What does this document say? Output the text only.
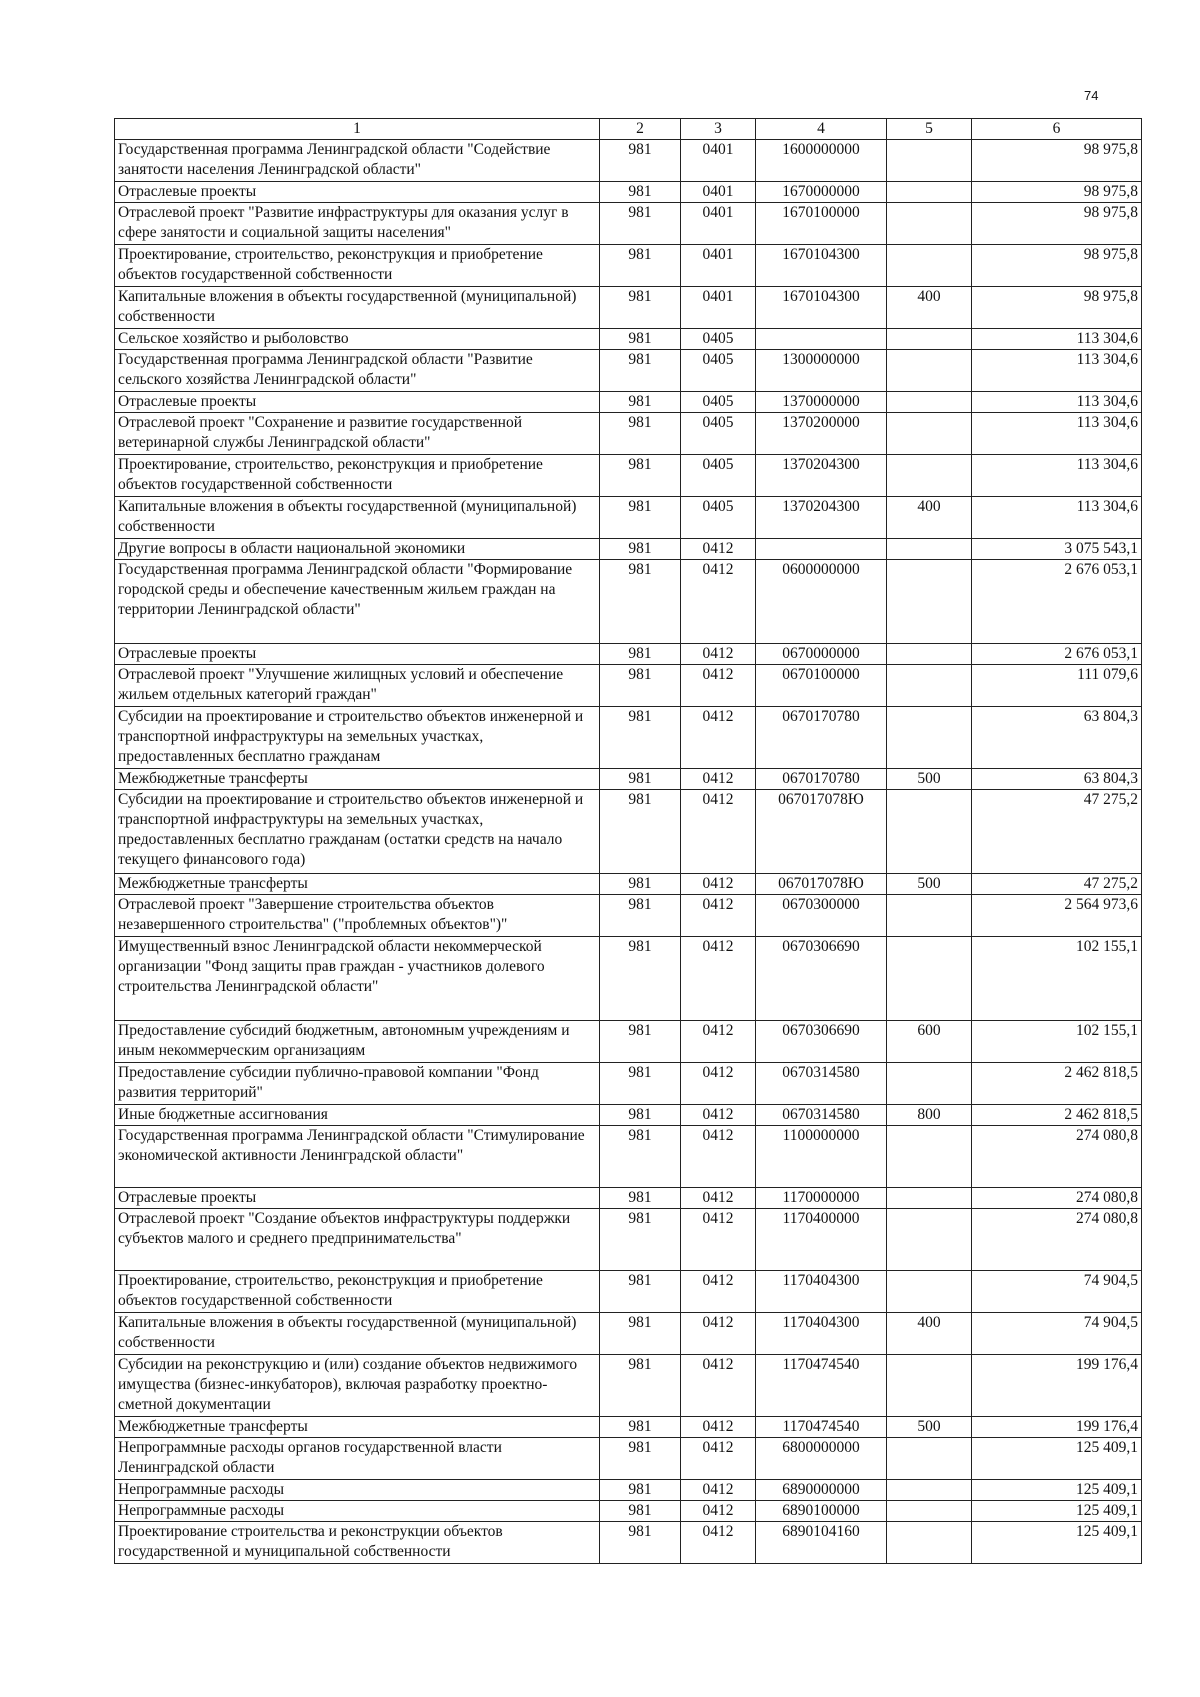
74
1	2	3	4	5	6
Государственная программа Ленинградской области "Содействие занятости населения Ленинградской области"	981	0401	1600000000		98 975,8
Отраслевые проекты	981	0401	1670000000		98 975,8
Отраслевой проект "Развитие инфраструктуры для оказания услуг в сфере занятости и социальной защиты населения"	981	0401	1670100000		98 975,8
Проектирование, строительство, реконструкция и приобретение объектов государственной собственности	981	0401	1670104300		98 975,8
Капитальные вложения в объекты государственной (муниципальной) собственности	981	0401	1670104300	400	98 975,8
Сельское хозяйство и рыболовство	981	0405			113 304,6
Государственная программа Ленинградской области "Развитие сельского хозяйства Ленинградской области"	981	0405	1300000000		113 304,6
Отраслевые проекты	981	0405	1370000000		113 304,6
Отраслевой проект "Сохранение и развитие государственной ветеринарной службы Ленинградской области"	981	0405	1370200000		113 304,6
Проектирование, строительство, реконструкция и приобретение объектов государственной собственности	981	0405	1370204300		113 304,6
Капитальные вложения в объекты государственной (муниципальной) собственности	981	0405	1370204300	400	113 304,6
Другие вопросы в области национальной экономики	981	0412			3 075 543,1
Государственная программа Ленинградской области "Формирование городской среды и обеспечение качественным жильем граждан на территории Ленинградской области"	981	0412	0600000000		2 676 053,1
Отраслевые проекты	981	0412	0670000000		2 676 053,1
Отраслевой проект "Улучшение жилищных условий и обеспечение жильем отдельных категорий граждан"	981	0412	0670100000		111 079,6
Субсидии на проектирование и строительство объектов инженерной и транспортной инфраструктуры на земельных участках, предоставленных бесплатно гражданам	981	0412	0670170780		63 804,3
Межбюджетные трансферты	981	0412	0670170780	500	63 804,3
Субсидии на проектирование и строительство объектов инженерной и транспортной инфраструктуры на земельных участках, предоставленных бесплатно гражданам (остатки средств на начало текущего финансового года)	981	0412	067017078Ю		47 275,2
Межбюджетные трансферты	981	0412	067017078Ю	500	47 275,2
Отраслевой проект "Завершение строительства объектов незавершенного строительства" ("проблемных объектов")"	981	0412	0670300000		2 564 973,6
Имущественный взнос Ленинградской области некоммерческой организации "Фонд защиты прав граждан - участников долевого строительства Ленинградской области"	981	0412	0670306690		102 155,1
Предоставление субсидий бюджетным, автономным учреждениям и иным некоммерческим организациям	981	0412	0670306690	600	102 155,1
Предоставление субсидии публично-правовой компании "Фонд развития территорий"	981	0412	0670314580		2 462 818,5
Иные бюджетные ассигнования	981	0412	0670314580	800	2 462 818,5
Государственная программа Ленинградской области "Стимулирование экономической активности Ленинградской области"	981	0412	1100000000		274 080,8
Отраслевые проекты	981	0412	1170000000		274 080,8
Отраслевой проект "Создание объектов инфраструктуры поддержки субъектов малого и среднего предпринимательства"	981	0412	1170400000		274 080,8
Проектирование, строительство, реконструкция и приобретение объектов государственной собственности	981	0412	1170404300		74 904,5
Капитальные вложения в объекты государственной (муниципальной) собственности	981	0412	1170404300	400	74 904,5
Субсидии на реконструкцию и (или) создание объектов недвижимого имущества (бизнес-инкубаторов), включая разработку проектно-сметной документации	981	0412	1170474540		199 176,4
Межбюджетные трансферты	981	0412	1170474540	500	199 176,4
Непрограммные расходы органов государственной власти Ленинградской области	981	0412	6800000000		125 409,1
Непрограммные расходы	981	0412	6890000000		125 409,1
Непрограммные расходы	981	0412	6890100000		125 409,1
Проектирование строительства и реконструкции объектов государственной и муниципальной собственности	981	0412	6890104160		125 409,1
